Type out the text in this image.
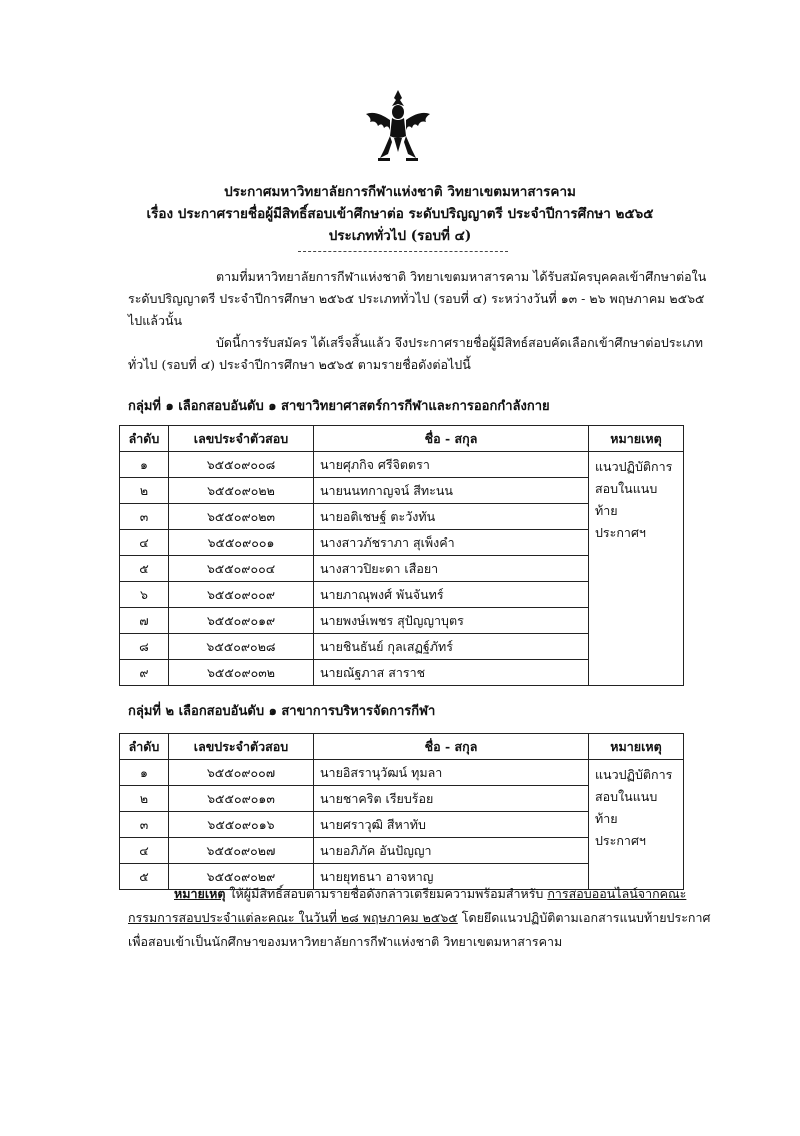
ประกาศมหาวิทยาลัยการกีฬาแห่งชาติ วิทยาเขตมหาสารคาม
เรื่อง ประกาศรายชื่อผู้มีสิทธิ์สอบเข้าศึกษาต่อ ระดับปริญญาตรี ประจำปีการศึกษา ๒๕๖๕
ประเภททั่วไป (รอบที่ ๔)
ตามที่มหาวิทยาลัยการกีฬาแห่งชาติ วิทยาเขตมหาสารคาม ได้รับสมัครบุคคลเข้าศึกษาต่อในระดับปริญญาตรี ประจำปีการศึกษา ๒๕๖๕ ประเภททั่วไป (รอบที่ ๔) ระหว่างวันที่ ๑๓ - ๒๖ พฤษภาคม ๒๕๖๕ ไปแล้วนั้น
บัดนี้การรับสมัคร ได้เสร็จสิ้นแล้ว จึงประกาศรายชื่อผู้มีสิทธ์สอบคัดเลือกเข้าศึกษาต่อประเภททั่วไป (รอบที่ ๔) ประจำปีการศึกษา ๒๕๖๕ ตามรายชื่อดังต่อไปนี้
กลุ่มที่ ๑ เลือกสอบอันดับ ๑ สาขาวิทยาศาสตร์การกีฬาและการออกกำลังกาย
ลำดับ	เลขประจำตัวสอบ	ชื่อ - สกุล	หมายเหตุ
๑	๖๕๕๐๙๐๐๘	นายศุภกิจ ศรีจิตตรา	แนวปฏิบัติการ
สอบในแนบท้าย
ประกาศฯ

๒	๖๕๕๐๙๐๒๒	นายนนทกาญจน์ สีทะนน	
๓	๖๕๕๐๙๐๒๓	นายอติเชษฐ์ ตะวังทัน	
๔	๖๕๕๐๙๐๐๑	นางสาวภัชราภา สุเพ็งคำ	
๕	๖๕๕๐๙๐๐๔	นางสาวปิยะดา เสือยา	
๖	๖๕๕๐๙๐๐๙	นายภาณุพงศ์ พันจันทร์	
๗	๖๕๕๐๙๐๑๙	นายพงษ์เพชร สุปัญญาบุตร	
๘	๖๕๕๐๙๐๒๘	นายชินธันย์ กุลเสฏฐ์ภัทร์	
๙	๖๕๕๐๙๐๓๒	นายณัฐภาส สาราช	
กลุ่มที่ ๒ เลือกสอบอันดับ ๑ สาขาการบริหารจัดการกีฬา
ลำดับ	เลขประจำตัวสอบ	ชื่อ - สกุล	หมายเหตุ
๑	๖๕๕๐๙๐๐๗	นายอิสรานุวัฒน์ ทุมลา	แนวปฏิบัติการ
สอบในแนบท้าย
ประกาศฯ

๒	๖๕๕๐๙๐๑๓	นายชาคริต เรียบร้อย	
๓	๖๕๕๐๙๐๑๖	นายศราวุฒิ สีหาทับ	
๔	๖๕๕๐๙๐๒๗	นายอภิภัค อันปัญญา	
๕	๖๕๕๐๙๐๒๙	นายยุทธนา อาจหาญ	
หมายเหตุ ให้ผู้มีสิทธิ์สอบตามรายชื่อดังกล่าวเตรียมความพร้อมสำหรับ การสอบออนไลน์จากคณะกรรมการสอบประจำแต่ละคณะ ในวันที่ ๒๘ พฤษภาคม ๒๕๖๕ โดยยึดแนวปฏิบัติตามเอกสารแนบท้ายประกาศ เพื่อสอบเข้าเป็นนักศึกษาของมหาวิทยาลัยการกีฬาแห่งชาติ วิทยาเขตมหาสารคาม
